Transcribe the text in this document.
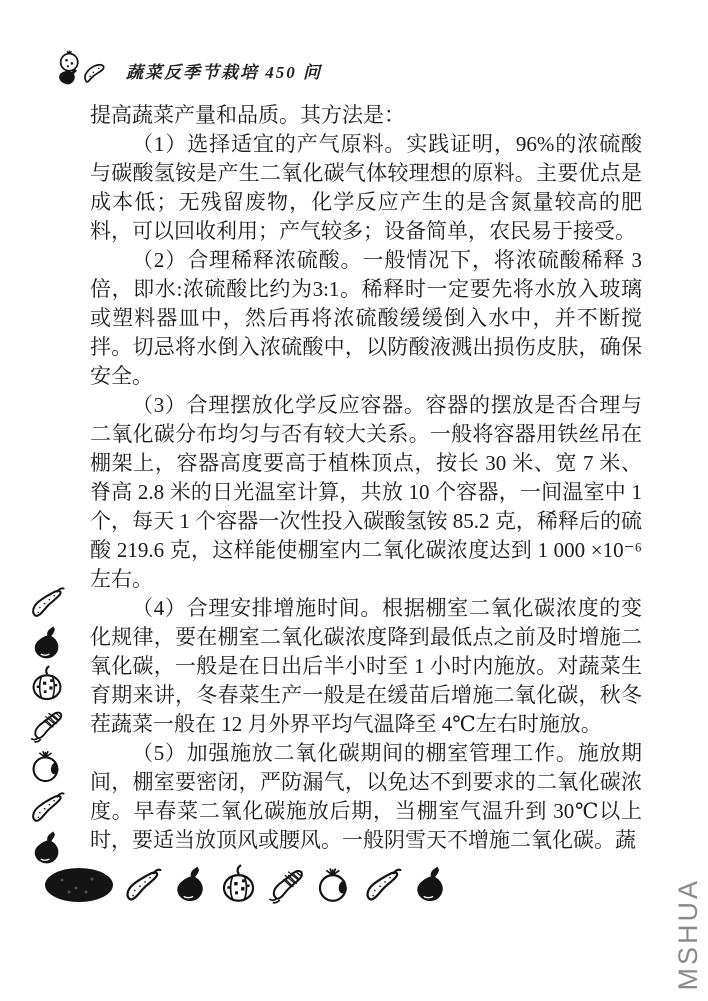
蔬菜反季节栽培 450 问

提高蔬菜产量和品质。其方法是：

（1）选择适宜的产气原料。实践证明，96%的浓硫酸与碳酸氢铵是产生二氧化碳气体较理想的原料。主要优点是成本低；无残留废物，化学反应产生的是含氮量较高的肥料，可以回收利用；产气较多；设备简单，农民易于接受。

（2）合理稀释浓硫酸。一般情况下，将浓硫酸稀释 3 倍，即水:浓硫酸比约为3:1。稀释时一定要先将水放入玻璃或塑料器皿中，然后再将浓硫酸缓缓倒入水中，并不断搅拌。切忌将水倒入浓硫酸中，以防酸液溅出损伤皮肤，确保安全。

（3）合理摆放化学反应容器。容器的摆放是否合理与二氧化碳分布均匀与否有较大关系。一般将容器用铁丝吊在棚架上，容器高度要高于植株顶点，按长 30 米、宽 7 米、脊高 2.8 米的日光温室计算，共放 10 个容器，一间温室中 1 个，每天 1 个容器一次性投入碳酸氢铵 85.2 克，稀释后的硫酸 219.6 克，这样能使棚室内二氧化碳浓度达到 1 000 ×10⁻⁶左右。

（4）合理安排增施时间。根据棚室二氧化碳浓度的变化规律，要在棚室二氧化碳浓度降到最低点之前及时增施二氧化碳，一般是在日出后半小时至 1 小时内施放。对蔬菜生育期来讲，冬春菜生产一般是在缓苗后增施二氧化碳，秋冬茬蔬菜一般在 12 月外界平均气温降至 4℃左右时施放。

（5）加强施放二氧化碳期间的棚室管理工作。施放期间，棚室要密闭，严防漏气，以免达不到要求的二氧化碳浓度。早春菜二氧化碳施放后期，当棚室气温升到 30℃以上时，要适当放顶风或腰风。一般阴雪天不增施二氧化碳。蔬

MSHUA
